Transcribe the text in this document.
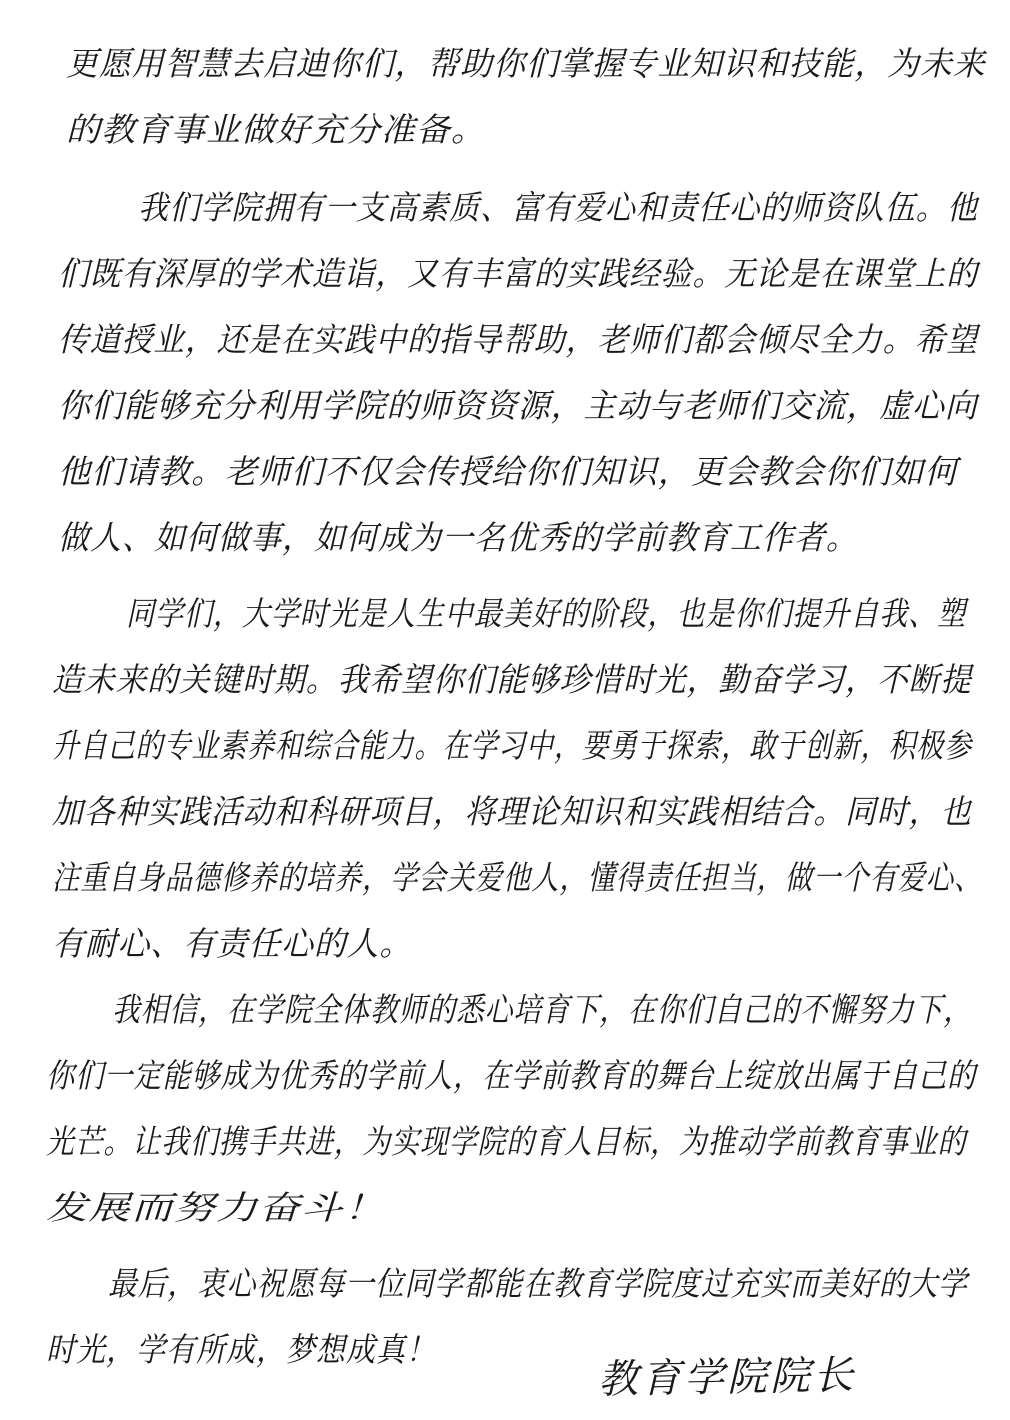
更愿用智慧去启迪你们，帮助你们掌握专业知识和技能，为未来
的教育事业做好充分准备。
我们学院拥有一支高素质、富有爱心和责任心的师资队伍。他
们既有深厚的学术造诣，又有丰富的实践经验。无论是在课堂上的
传道授业，还是在实践中的指导帮助，老师们都会倾尽全力。希望
你们能够充分利用学院的师资资源，主动与老师们交流，虚心向
他们请教。老师们不仅会传授给你们知识，更会教会你们如何
做人、如何做事，如何成为一名优秀的学前教育工作者。
同学们，大学时光是人生中最美好的阶段，也是你们提升自我、塑
造未来的关键时期。我希望你们能够珍惜时光，勤奋学习，不断提
升自己的专业素养和综合能力。在学习中，要勇于探索，敢于创新，积极参
加各种实践活动和科研项目，将理论知识和实践相结合。同时，也
注重自身品德修养的培养，学会关爱他人，懂得责任担当，做一个有爱心、
有耐心、有责任心的人。
我相信，在学院全体教师的悉心培育下，在你们自己的不懈努力下，
你们一定能够成为优秀的学前人，在学前教育的舞台上绽放出属于自己的
光芒。让我们携手共进，为实现学院的育人目标，为推动学前教育事业的
发展而努力奋斗！
最后，衷心祝愿每一位同学都能在教育学院度过充实而美好的大学
时光，学有所成，梦想成真！
教育学院院长
